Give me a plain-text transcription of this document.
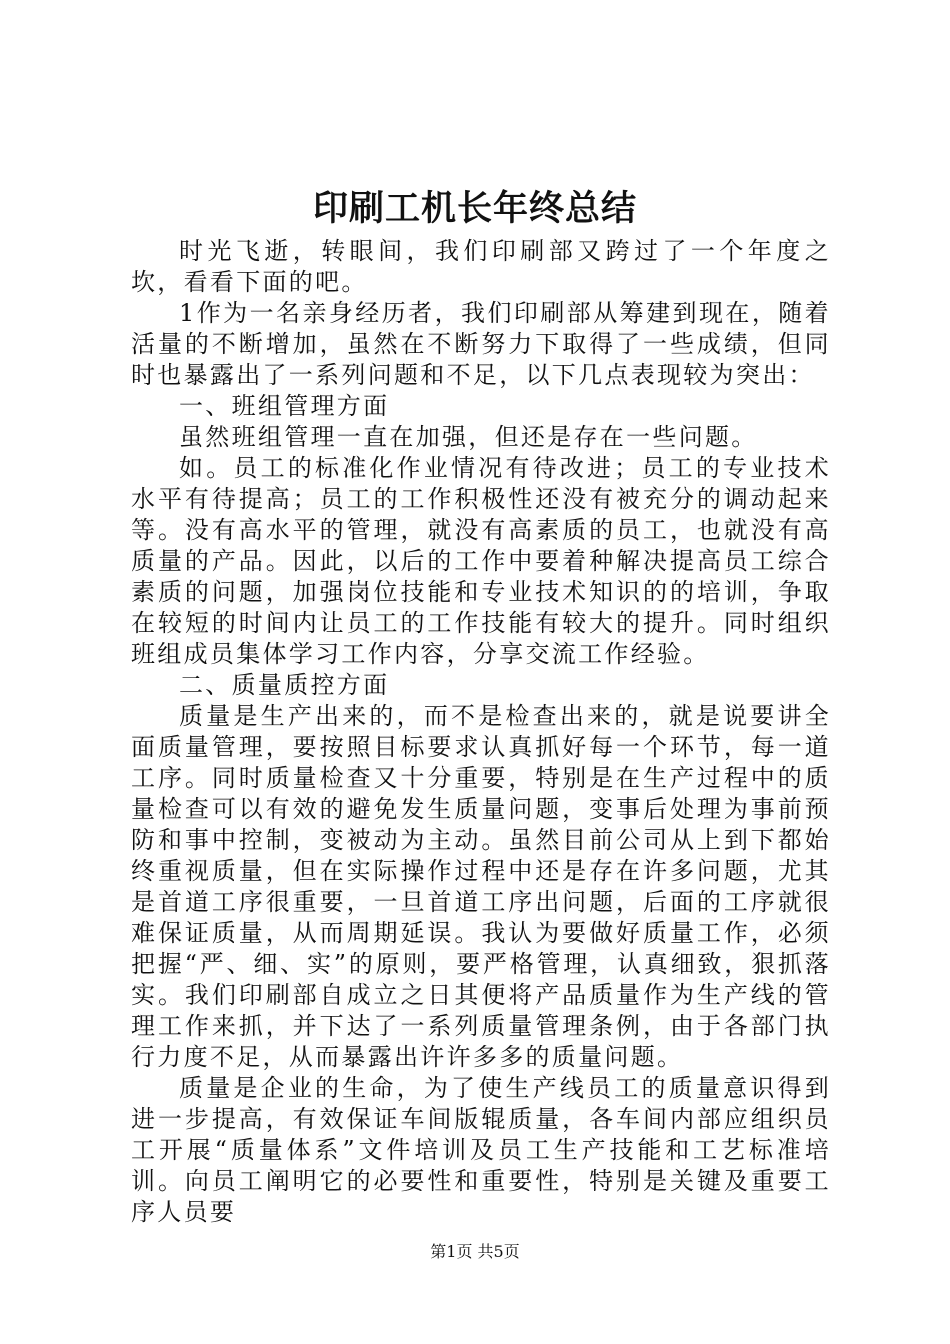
印刷工机长年终总结

时光飞逝，转眼间，我们印刷部又跨过了一个年度之坎，看看下面的吧。

1作为一名亲身经历者，我们印刷部从筹建到现在，随着活量的不断增加，虽然在不断努力下取得了一些成绩，但同时也暴露出了一系列问题和不足，以下几点表现较为突出：

一、班组管理方面

虽然班组管理一直在加强，但还是存在一些问题。

如。员工的标准化作业情况有待改进；员工的专业技术水平有待提高；员工的工作积极性还没有被充分的调动起来等。没有高水平的管理，就没有高素质的员工，也就没有高质量的产品。因此，以后的工作中要着种解决提高员工综合素质的问题，加强岗位技能和专业技术知识的的培训，争取在较短的时间内让员工的工作技能有较大的提升。同时组织班组成员集体学习工作内容，分享交流工作经验。

二、质量质控方面

质量是生产出来的，而不是检查出来的，就是说要讲全面质量管理，要按照目标要求认真抓好每一个环节，每一道工序。同时质量检查又十分重要，特别是在生产过程中的质量检查可以有效的避免发生质量问题，变事后处理为事前预防和事中控制，变被动为主动。虽然目前公司从上到下都始终重视质量，但在实际操作过程中还是存在许多问题，尤其是首道工序很重要，一旦首道工序出问题，后面的工序就很难保证质量，从而周期延误。我认为要做好质量工作，必须把握“严、细、实”的原则，要严格管理，认真细致，狠抓落实。我们印刷部自成立之日其便将产品质量作为生产线的管理工作来抓，并下达了一系列质量管理条例，由于各部门执行力度不足，从而暴露出许许多多的质量问题。

质量是企业的生命，为了使生产线员工的质量意识得到进一步提高，有效保证车间版辊质量，各车间内部应组织员工开展“质量体系”文件培训及员工生产技能和工艺标准培训。向员工阐明它的必要性和重要性，特别是关键及重要工序人员要

第1页 共5页
